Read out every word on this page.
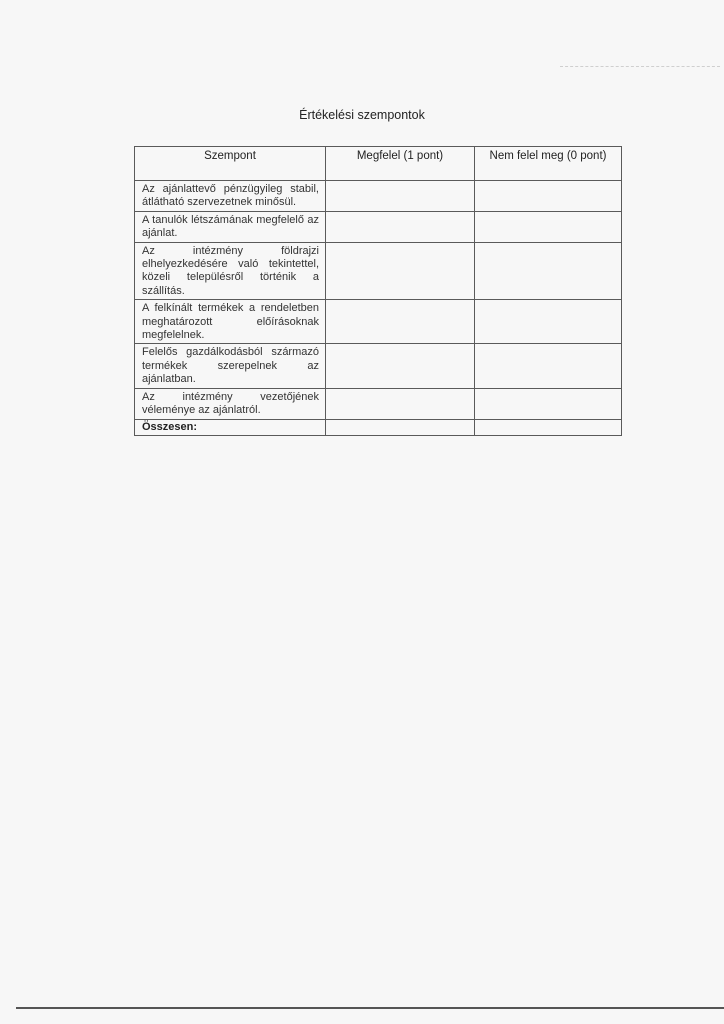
Értékelési szempontok
Szempont	Megfelel (1 pont)	Nem felel meg (0 pont)
Az ajánlattevő pénzügyileg stabil, átlátható szervezetnek minősül.		
A tanulók létszámának megfelelő az ajánlat.		
Az intézmény földrajzi elhelyezkedésére való tekintettel, közeli településről történik a szállítás.		
A felkínált termékek a rendeletben meghatározott előírásoknak megfelelnek.		
Felelős gazdálkodásból származó termékek szerepelnek az ajánlatban.		
Az intézmény vezetőjének véleménye az ajánlatról.		
Összesen:		
